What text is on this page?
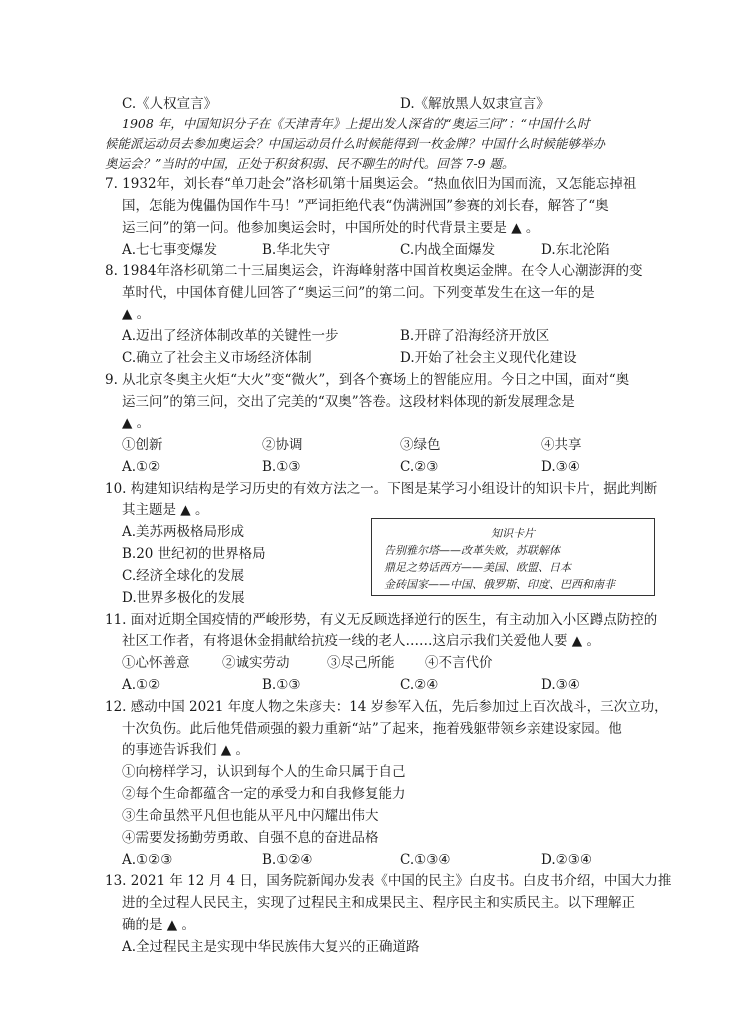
C.《人权宣言》	D.《解放黑人奴隶宣言》
1908 年，中国知识分子在《天津青年》上提出发人深省的“奥运三问”：“中国什么时
候能派运动员去参加奥运会？中国运动员什么时候能得到一枚金牌？中国什么时候能够举办
奥运会？”当时的中国，正处于积贫积弱、民不聊生的时代。回答 7-9 题。
7. 1932年，刘长春“单刀赴会”洛杉矶第十届奥运会。“热血依旧为国而流，又怎能忘掉祖
国，怎能为傀儡伪国作牛马！”严词拒绝代表“伪满洲国”参赛的刘长春，解答了“奥
运三问”的第一问。他参加奥运会时，中国所处的时代背景主要是 ▲ 。
A.七七事变爆发	B.华北失守	C.内战全面爆发	D.东北沦陷
8. 1984年洛杉矶第二十三届奥运会，许海峰射落中国首枚奥运金牌。在令人心潮澎湃的变
革时代，中国体育健儿回答了“奥运三问”的第二问。下列变革发生在这一年的是
▲ 。
A.迈出了经济体制改革的关键性一步	B.开辟了沿海经济开放区
C.确立了社会主义市场经济体制	D.开始了社会主义现代化建设
9. 从北京冬奥主火炬“大火”变“微火”，到各个赛场上的智能应用。今日之中国，面对“奥
运三问”的第三问，交出了完美的“双奥”答卷。这段材料体现的新发展理念是
▲ 。
①创新	②协调	③绿色	④共享
A.①②	B.①③	C.②③	D.③④
10. 构建知识结构是学习历史的有效方法之一。下图是某学习小组设计的知识卡片，据此判断
其主题是 ▲ 。
A.美苏两极格局形成
B.20 世纪初的世界格局
C.经济全球化的发展
D.世界多极化的发展
知识卡片
告别雅尔塔——改革失败，苏联解体
鼎足之势话西方——美国、欧盟、日本
金砖国家——中国、俄罗斯、印度、巴西和南非
11. 面对近期全国疫情的严峻形势，有义无反顾选择逆行的医生，有主动加入小区蹲点防控的
社区工作者，有将退休金捐献给抗疫一线的老人……这启示我们关爱他人要 ▲ 。
①心怀善意 ②诚实劳动	③尽己所能 ④不言代价
A.①②	B.①③	C.②④	D.③④
12. 感动中国 2021 年度人物之朱彦夫：14 岁参军入伍，先后参加过上百次战斗，三次立功，
十次负伤。此后他凭借顽强的毅力重新“站”了起来，拖着残躯带领乡亲建设家园。他
的事迹告诉我们 ▲ 。
①向榜样学习，认识到每个人的生命只属于自己
②每个生命都蕴含一定的承受力和自我修复能力
③生命虽然平凡但也能从平凡中闪耀出伟大
④需要发扬勤劳勇敢、自强不息的奋进品格
A.①②③	B.①②④	C.①③④	D.②③④
13. 2021 年 12 月 4 日，国务院新闻办发表《中国的民主》白皮书。白皮书介绍，中国大力推
进的全过程人民民主，实现了过程民主和成果民主、程序民主和实质民主。以下理解正
确的是 ▲ 。
A.全过程民主是实现中华民族伟大复兴的正确道路
